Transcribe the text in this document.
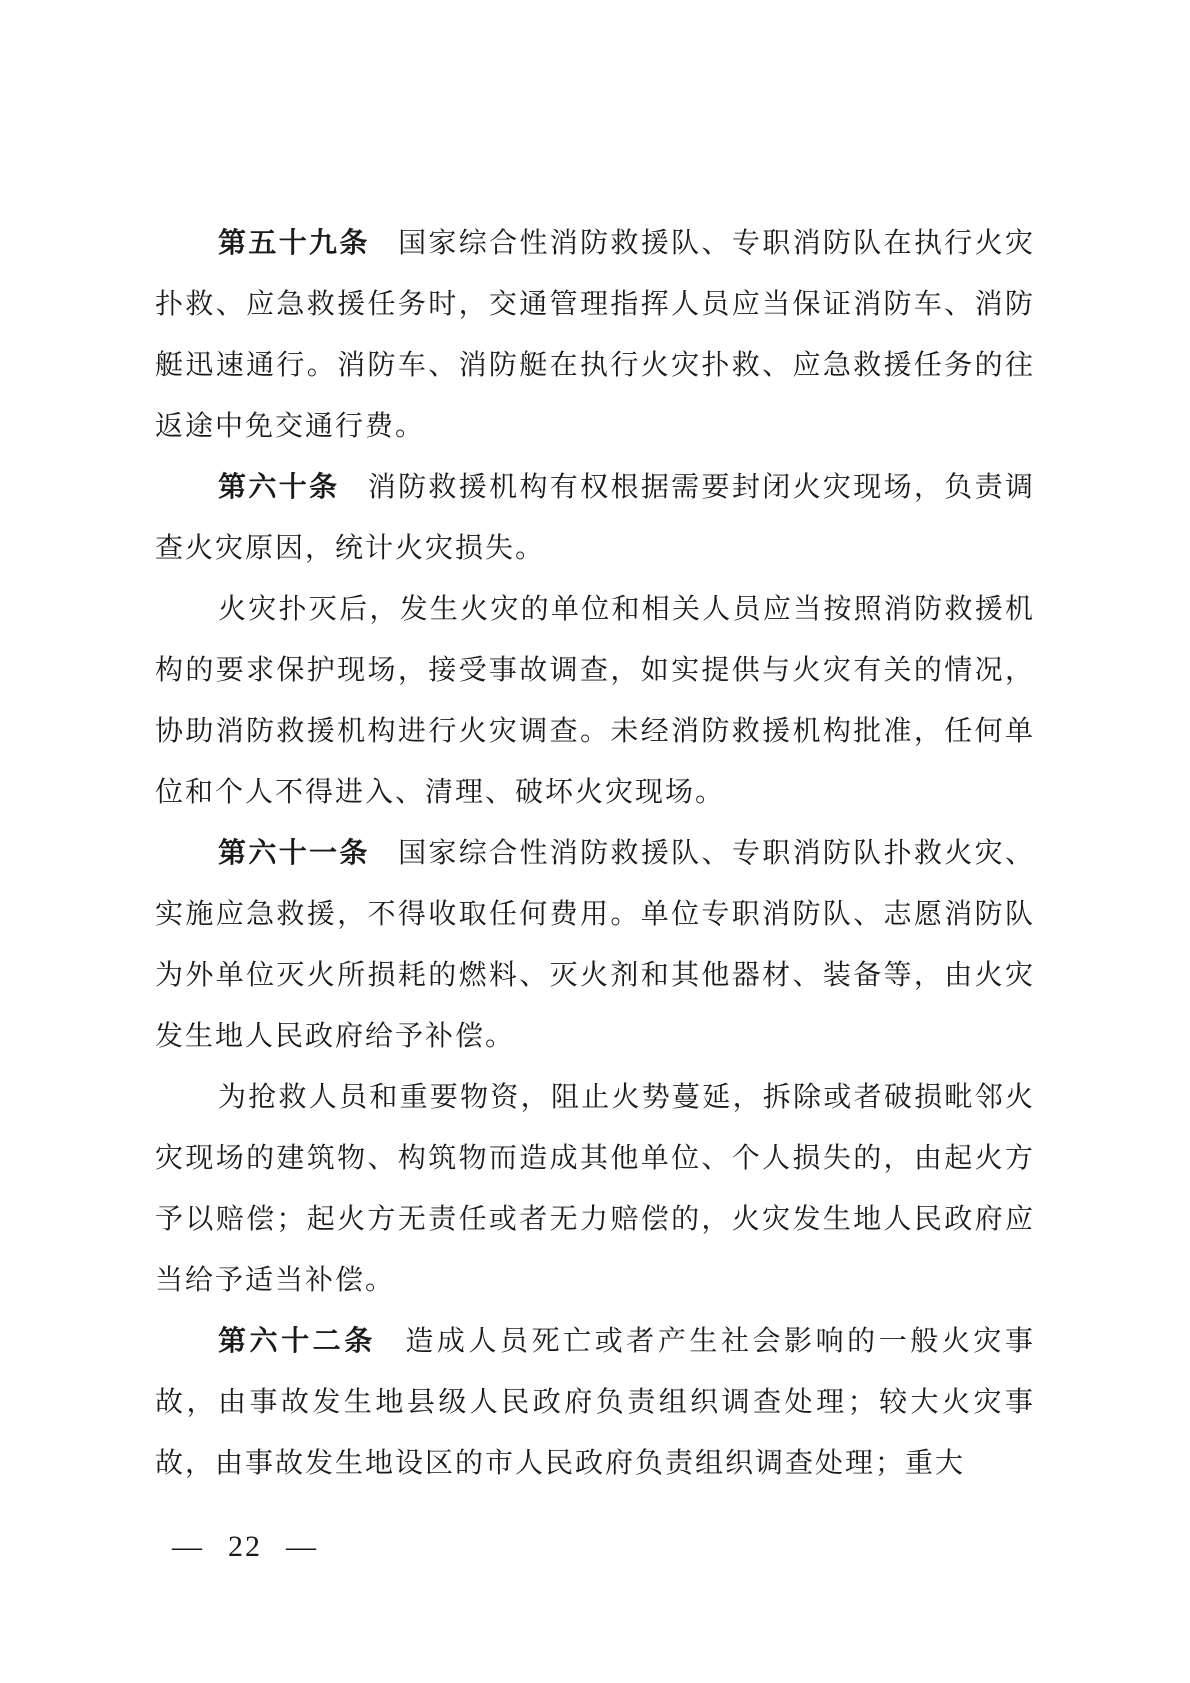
第五十九条 国家综合性消防救援队、专职消防队在执行火灾扑救、应急救援任务时，交通管理指挥人员应当保证消防车、消防艇迅速通行。消防车、消防艇在执行火灾扑救、应急救援任务的往返途中免交通行费。

第六十条 消防救援机构有权根据需要封闭火灾现场，负责调查火灾原因，统计火灾损失。

火灾扑灭后，发生火灾的单位和相关人员应当按照消防救援机构的要求保护现场，接受事故调查，如实提供与火灾有关的情况，协助消防救援机构进行火灾调查。未经消防救援机构批准，任何单位和个人不得进入、清理、破坏火灾现场。

第六十一条 国家综合性消防救援队、专职消防队扑救火灾、实施应急救援，不得收取任何费用。单位专职消防队、志愿消防队为外单位灭火所损耗的燃料、灭火剂和其他器材、装备等，由火灾发生地人民政府给予补偿。

为抢救人员和重要物资，阻止火势蔓延，拆除或者破损毗邻火灾现场的建筑物、构筑物而造成其他单位、个人损失的，由起火方予以赔偿；起火方无责任或者无力赔偿的，火灾发生地人民政府应当给予适当补偿。

第六十二条 造成人员死亡或者产生社会影响的一般火灾事故，由事故发生地县级人民政府负责组织调查处理；较大火灾事故，由事故发生地设区的市人民政府负责组织调查处理；重大

— 22 —
